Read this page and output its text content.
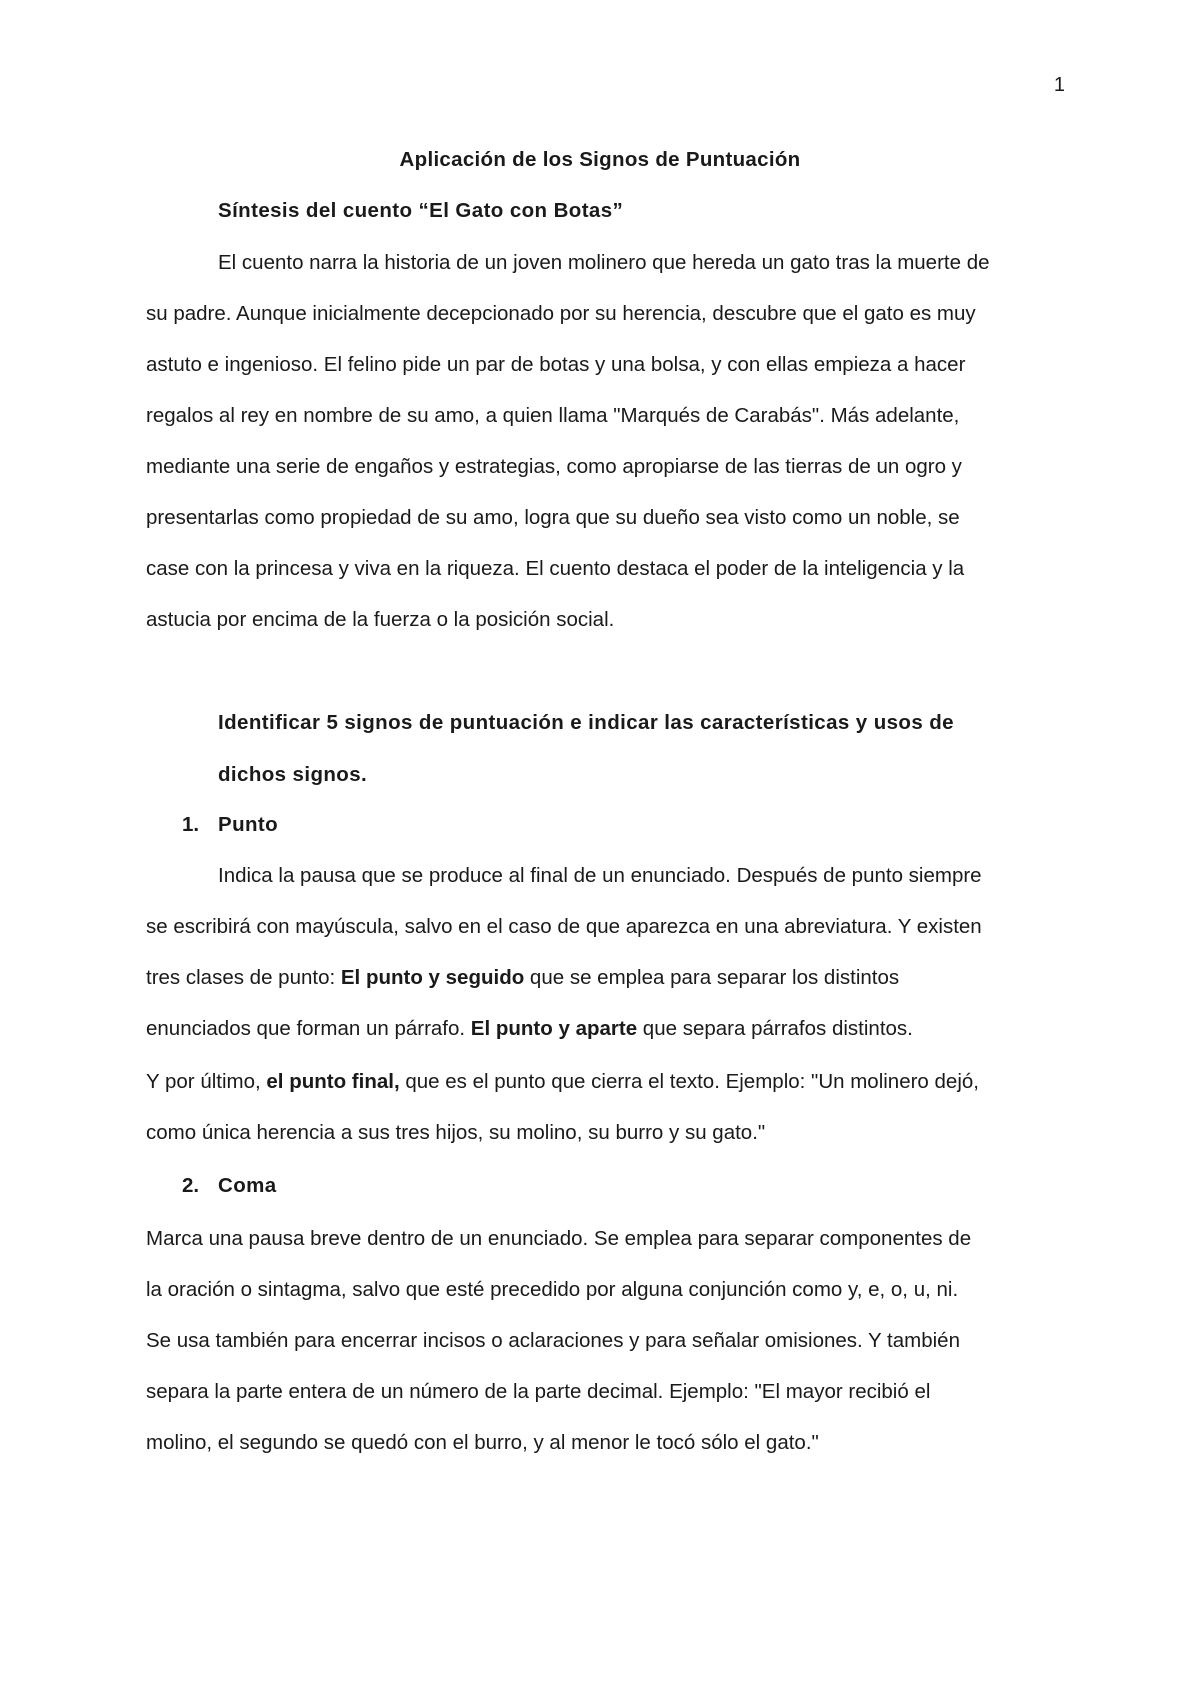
1
Aplicación de los Signos de Puntuación
Síntesis del cuento “El Gato con Botas”
El cuento narra la historia de un joven molinero que hereda un gato tras la muerte de
su padre. Aunque inicialmente decepcionado por su herencia, descubre que el gato es muy
astuto e ingenioso. El felino pide un par de botas y una bolsa, y con ellas empieza a hacer
regalos al rey en nombre de su amo, a quien llama "Marqués de Carabás". Más adelante,
mediante una serie de engaños y estrategias, como apropiarse de las tierras de un ogro y
presentarlas como propiedad de su amo, logra que su dueño sea visto como un noble, se
case con la princesa y viva en la riqueza. El cuento destaca el poder de la inteligencia y la
astucia por encima de la fuerza o la posición social.
Identificar 5 signos de puntuación e indicar las características y usos de
dichos signos.
1. Punto
Indica la pausa que se produce al final de un enunciado. Después de punto siempre
se escribirá con mayúscula, salvo en el caso de que aparezca en una abreviatura. Y existen
tres clases de punto: El punto y seguido que se emplea para separar los distintos
enunciados que forman un párrafo. El punto y aparte que separa párrafos distintos.
Y por último, el punto final, que es el punto que cierra el texto. Ejemplo: "Un molinero dejó,
como única herencia a sus tres hijos, su molino, su burro y su gato."
2. Coma
Marca una pausa breve dentro de un enunciado. Se emplea para separar componentes de
la oración o sintagma, salvo que esté precedido por alguna conjunción como y, e, o, u, ni.
Se usa también para encerrar incisos o aclaraciones y para señalar omisiones. Y también
separa la parte entera de un número de la parte decimal. Ejemplo: "El mayor recibió el
molino, el segundo se quedó con el burro, y al menor le tocó sólo el gato."
